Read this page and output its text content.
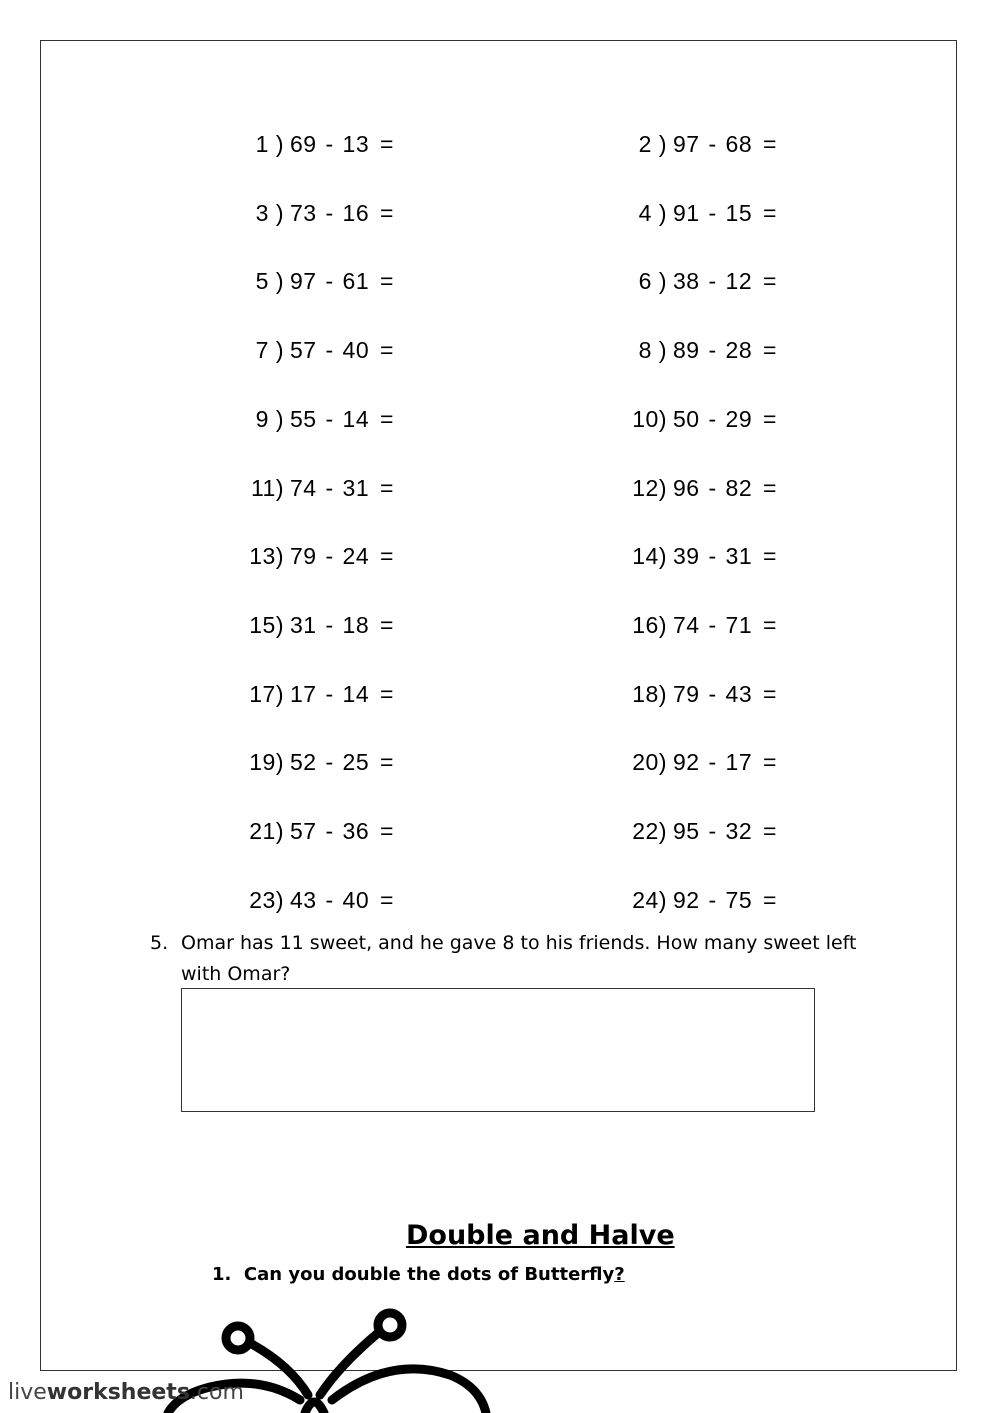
1 ) 69 - 13 =	2 ) 97 - 68 =
3 ) 73 - 16 =	4 ) 91 - 15 =
5 ) 97 - 61 =	6 ) 38 - 12 =
7 ) 57 - 40 =	8 ) 89 - 28 =
9 ) 55 - 14 =	10) 50 - 29 =
11) 74 - 31 =	12) 96 - 82 =
13) 79 - 24 =	14) 39 - 31 =
15) 31 - 18 =	16) 74 - 71 =
17) 17 - 14 =	18) 79 - 43 =
19) 52 - 25 =	20) 92 - 17 =
21) 57 - 36 =	22) 95 - 32 =
23) 43 - 40 =	24) 92 - 75 =
5. Omar has 11 sweet, and he gave 8 to his friends. How many sweet left with Omar?
Double and Halve
1. Can you double the dots of Butterfly?
liveworksheets.com
